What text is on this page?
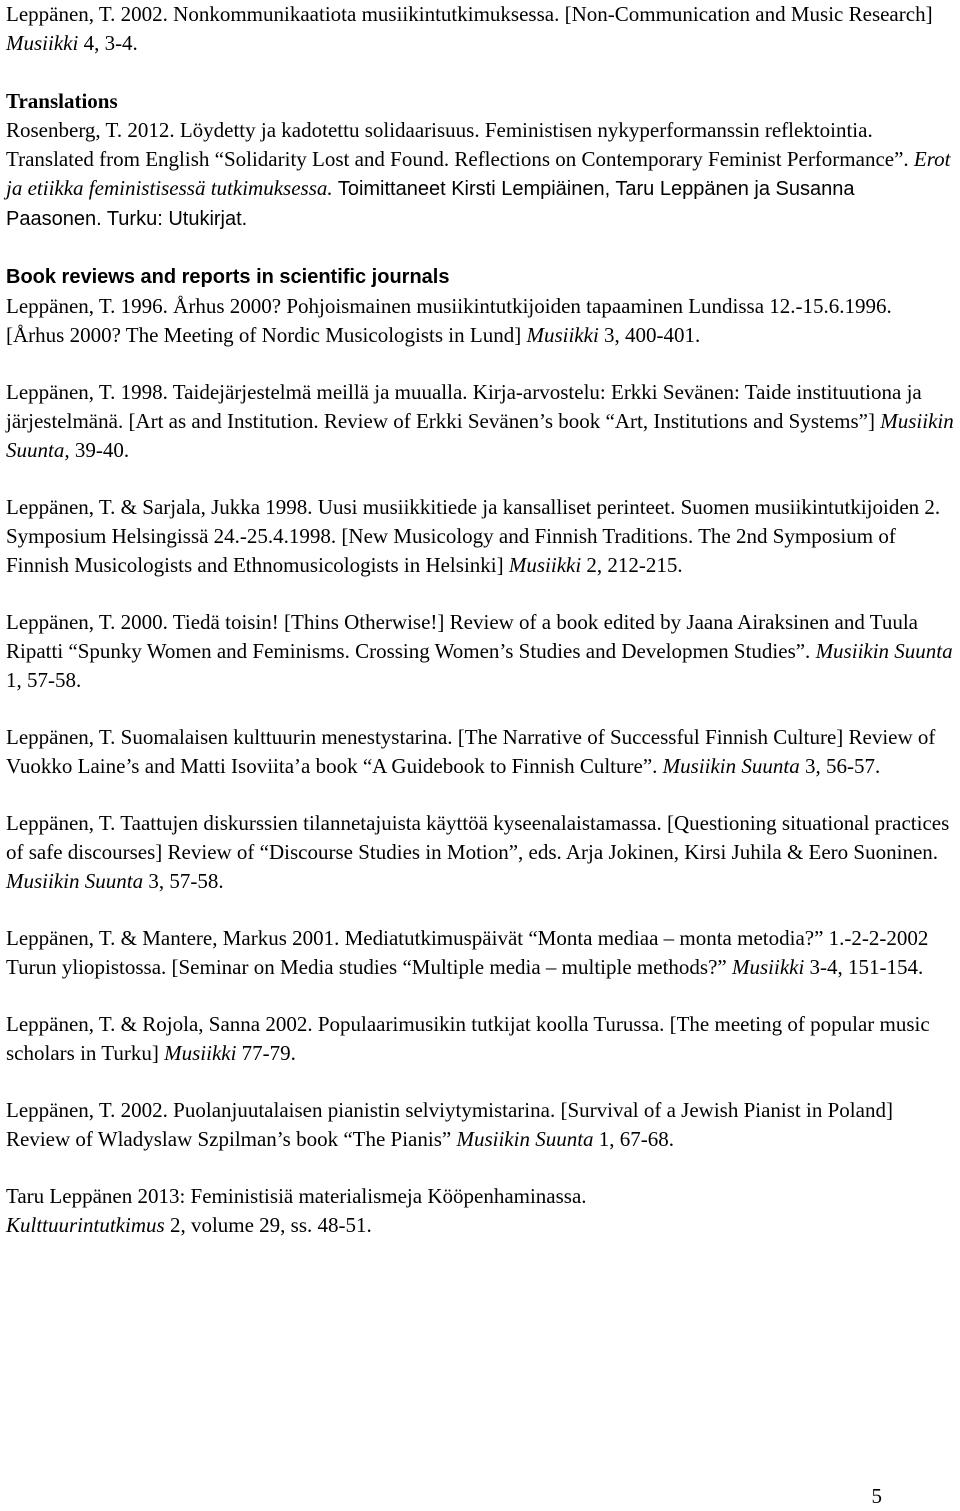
Leppänen, T. 2002. Nonkommunikaatiota musiikintutkimuksessa. [Non-Communication and Music Research] Musiikki 4, 3-4.

Translations

Rosenberg, T. 2012. Löydetty ja kadotettu solidaarisuus. Feministisen nykyperformanssin reflektointia. Translated from English “Solidarity Lost and Found. Reflections on Contemporary Feminist Performance”. Erot ja etiikka feministisessä tutkimuksessa. Toimittaneet Kirsti Lempiäinen, Taru Leppänen ja Susanna Paasonen. Turku: Utukirjat.

Book reviews and reports in scientific journals

Leppänen, T. 1996. Århus 2000? Pohjoismainen musiikintutkijoiden tapaaminen Lundissa 12.-15.6.1996. [Århus 2000? The Meeting of Nordic Musicologists in Lund] Musiikki 3, 400-401.

Leppänen, T. 1998. Taidejärjestelmä meillä ja muualla. Kirja-arvostelu: Erkki Sevänen: Taide instituutiona ja järjestelmänä. [Art as and Institution. Review of Erkki Sevänen’s book “Art, Institutions and Systems”] Musiikin Suunta, 39-40.

Leppänen, T. & Sarjala, Jukka 1998. Uusi musiikkitiede ja kansalliset perinteet. Suomen musiikintutkijoiden 2. Symposium Helsingissä 24.-25.4.1998. [New Musicology and Finnish Traditions. The 2nd Symposium of Finnish Musicologists and Ethnomusicologists in Helsinki] Musiikki 2, 212-215.

Leppänen, T. 2000. Tiedä toisin! [Thins Otherwise!] Review of a book edited by Jaana Airaksinen and Tuula Ripatti “Spunky Women and Feminisms. Crossing Women’s Studies and Developmen Studies”. Musiikin Suunta 1, 57-58.

Leppänen, T. Suomalaisen kulttuurin menestystarina. [The Narrative of Successful Finnish Culture] Review of Vuokko Laine’s and Matti Isoviita’a book “A Guidebook to Finnish Culture”. Musiikin Suunta 3, 56-57.

Leppänen, T. Taattujen diskurssien tilannetajuista käyttöä kyseenalaistamassa. [Questioning situational practices of safe discourses] Review of “Discourse Studies in Motion”, eds. Arja Jokinen, Kirsi Juhila & Eero Suoninen. Musiikin Suunta 3, 57-58.

Leppänen, T. & Mantere, Markus 2001. Mediatutkimuspäivät “Monta mediaa – monta metodia?” 1.-2-2-2002 Turun yliopistossa. [Seminar on Media studies “Multiple media – multiple methods?” Musiikki 3-4, 151-154.

Leppänen, T. & Rojola, Sanna 2002. Populaarimusikin tutkijat koolla Turussa. [The meeting of popular music scholars in Turku] Musiikki 77-79.

Leppänen, T. 2002. Puolanjuutalaisen pianistin selviytymistarina. [Survival of a Jewish Pianist in Poland] Review of Wladyslaw Szpilman’s book “The Pianis” Musiikin Suunta 1, 67-68.

Taru Leppänen 2013: Feministisiä materialismeja Kööpenhaminassa.
Kulttuurintutkimus 2, volume 29, ss. 48-51.

5
